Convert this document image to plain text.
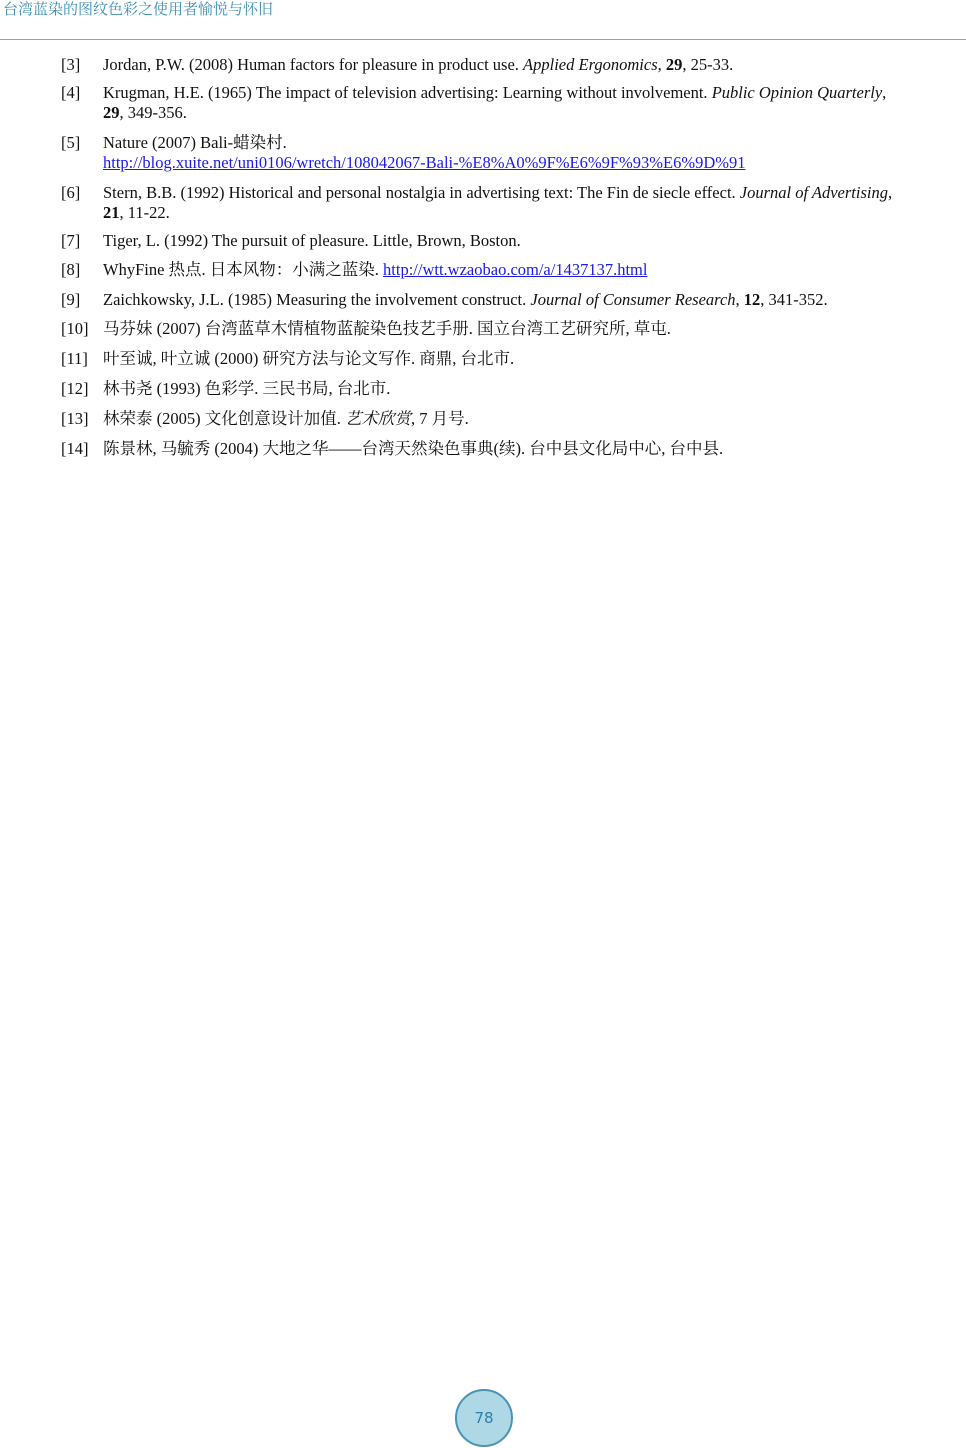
台湾蓝染的图纹色彩之使用者愉悦与怀旧
[3] Jordan, P.W. (2008) Human factors for pleasure in product use. Applied Ergonomics, 29, 25-33.
[4] Krugman, H.E. (1965) The impact of television advertising: Learning without involvement. Public Opinion Quarterly,
29, 349-356.
[5] Nature (2007) Bali-蜡染村.
http://blog.xuite.net/uni0106/wretch/108042067-Bali-%E8%A0%9F%E6%9F%93%E6%9D%91
[6] Stern, B.B. (1992) Historical and personal nostalgia in advertising text: The Fin de siecle effect. Journal of Advertising,
21, 11-22.
[7] Tiger, L. (1992) The pursuit of pleasure. Little, Brown, Boston.
[8] WhyFine 热点. 日本风物：小满之蓝染. http://wtt.wzaobao.com/a/1437137.html
[9] Zaichkowsky, J.L. (1985) Measuring the involvement construct. Journal of Consumer Research, 12, 341-352.
[10] 马芬妹 (2007) 台湾蓝草木情植物蓝靛染色技艺手册. 国立台湾工艺研究所, 草屯.
[11] 叶至诚, 叶立诚 (2000) 研究方法与论文写作. 商鼎, 台北市.
[12] 林书尧 (1993) 色彩学. 三民书局, 台北市.
[13] 林荣泰 (2005) 文化创意设计加值. 艺术欣赏, 7 月号.
[14] 陈景林, 马毓秀 (2004) 大地之华——台湾天然染色事典(续). 台中县文化局中心, 台中县.
78
